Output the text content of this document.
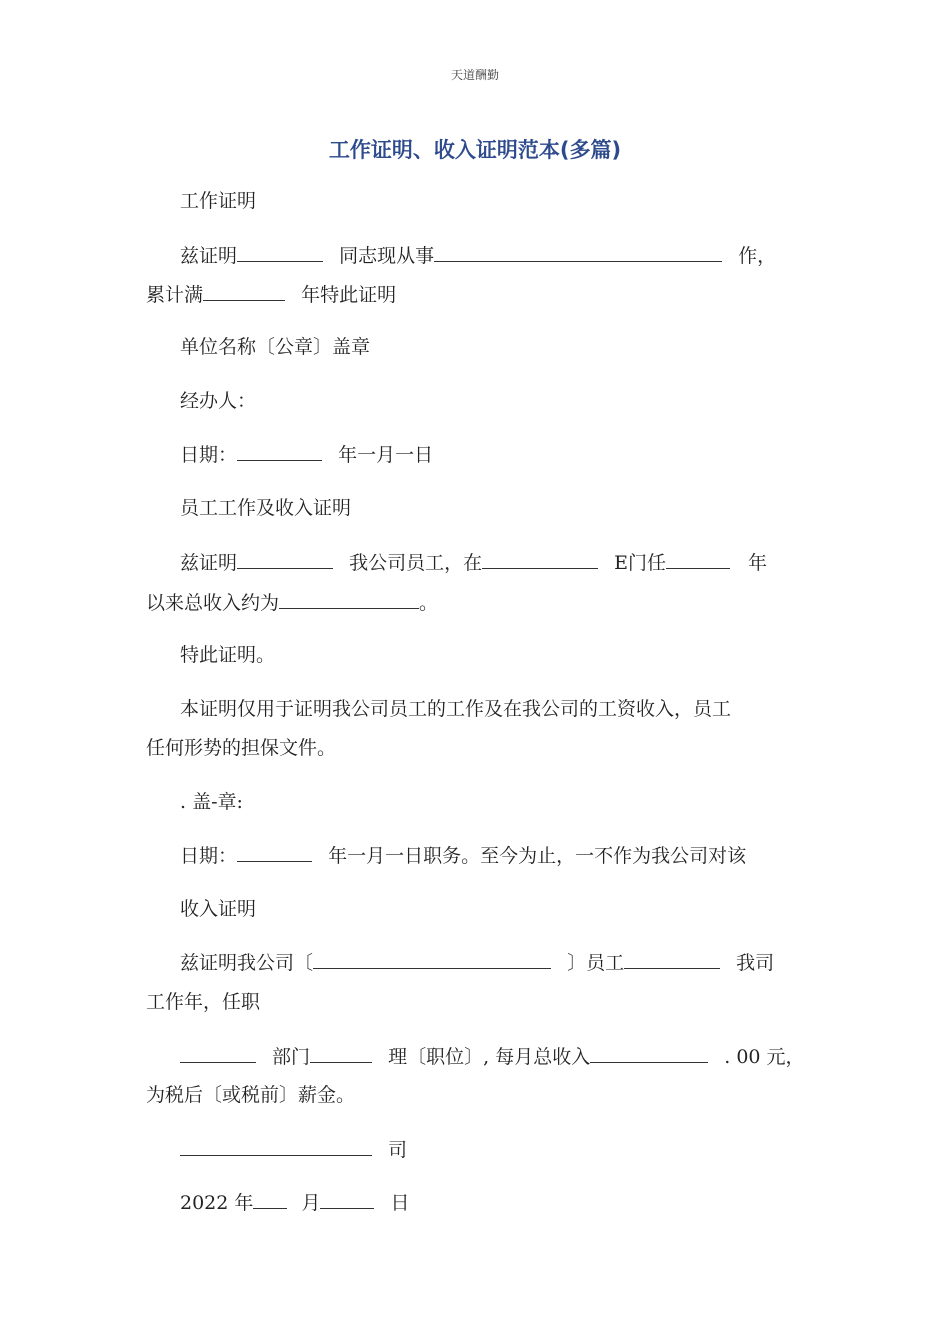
天道酬勤
工作证明、收入证明范本(多篇)
工作证明
兹证明	同志现从事	作，
累计满	年特此证明
单位名称〔公章〕盖章
经办人：
日期：	年一月一日
员工工作及收入证明
兹证明	我公司员工，在	E门任	年
以来总收入约为	。
特此证明。
本证明仅用于证明我公司员工的工作及在我公司的工资收入，员工
任何形势的担保文件。
. 盖-章:
日期：	年一月一日职务。至今为止，一不作为我公司对该
收入证明
兹证明我公司〔	〕员工	我司
工作年，任职
部门	理〔职位〕, 每月总收入	. 00 元，
为税后〔或税前〕薪金。
司
2022 年	月	日
